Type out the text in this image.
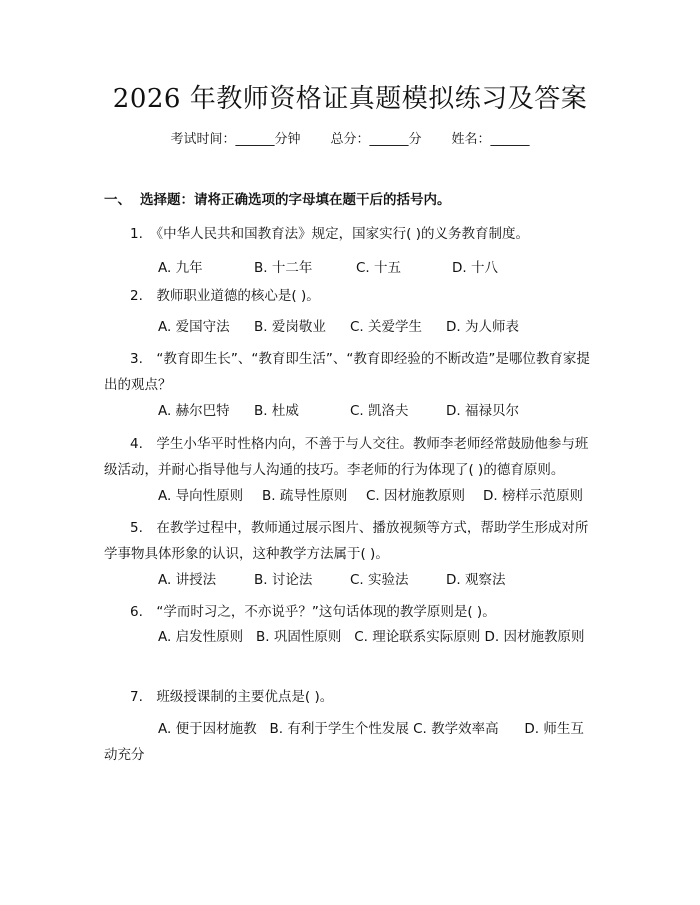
2026 年教师资格证真题模拟练习及答案
考试时间：______分钟 总分：______分 姓名：______
一、 选择题：请将正确选项的字母填在题干后的括号内。
1.　《中华人民共和国教育法》规定，国家实行( )的义务教育制度。
A. 九年	B. 十二年	C. 十五	D. 十八
2.　教师职业道德的核心是( )。
A. 爱国守法 B. 爱岗敬业 C. 关爱学生 D. 为人师表
3.　“教育即生长”、“教育即生活”、“教育即经验的不断改造”是哪位教育家提出的观点？
A. 赫尔巴特 B. 杜威	C. 凯洛夫	D. 福禄贝尔
4.　学生小华平时性格内向，不善于与人交往。教师李老师经常鼓励他参与班级活动，并耐心指导他与人沟通的技巧。李老师的行为体现了( )的德育原则。
A. 导向性原则 B. 疏导性原则 C. 因材施教原则 D. 榜样示范原则
5.　在教学过程中，教师通过展示图片、播放视频等方式，帮助学生形成对所学事物具体形象的认识，这种教学方法属于( )。
A. 讲授法	B. 讨论法	C. 实验法	D. 观察法
6.　“学而时习之，不亦说乎？”这句话体现的教学原则是( )。
A. 启发性原则 B. 巩固性原则 C. 理论联系实际原则 D. 因材施教原则
7.　班级授课制的主要优点是( )。
A. 便于因材施教 B. 有利于学生个性发展 C. 教学效率高 D. 师生互动充分
